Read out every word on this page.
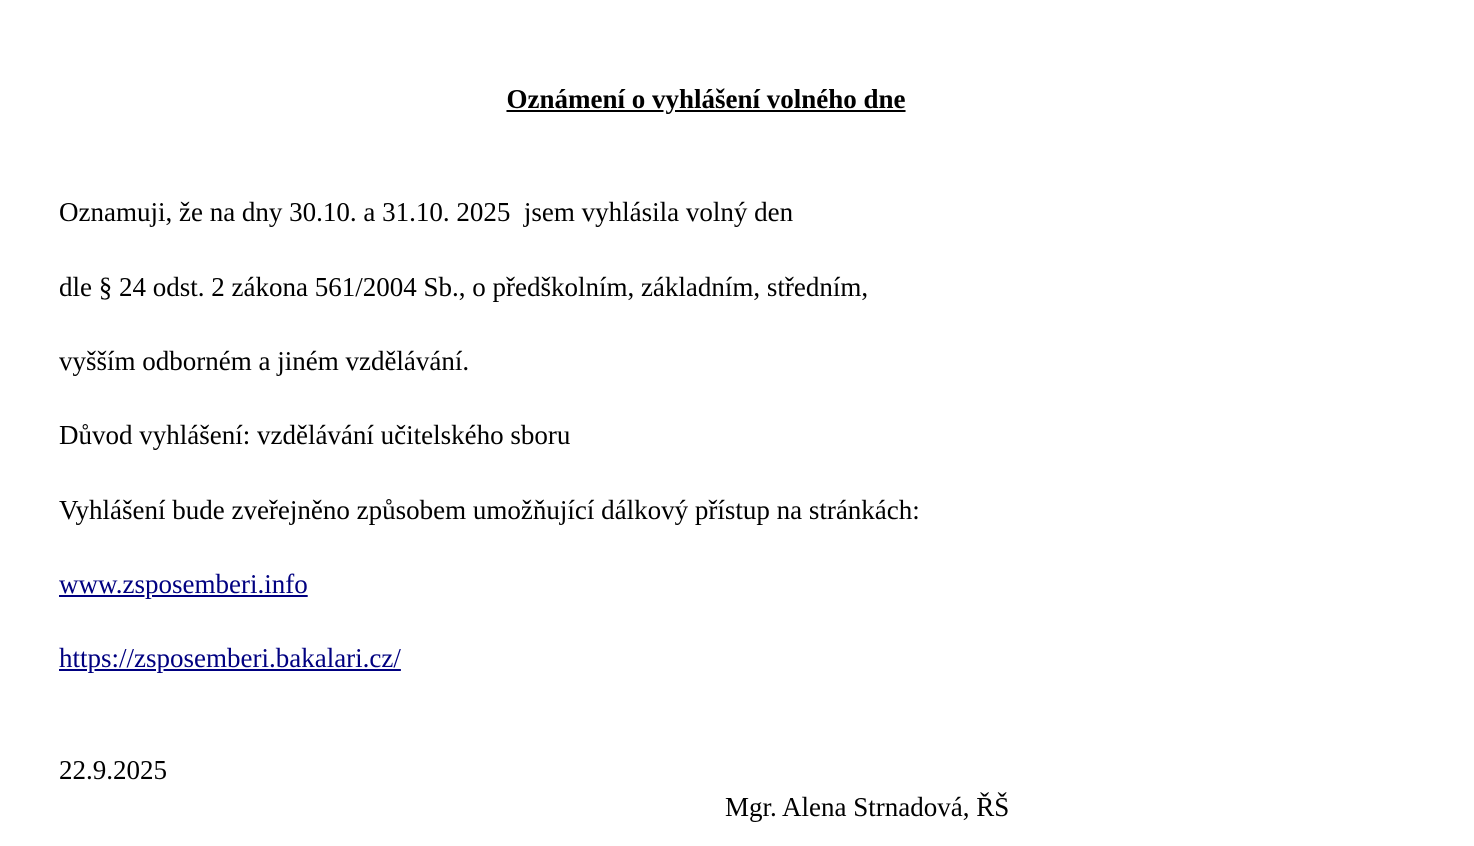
Oznámení o vyhlášení volného dne
Oznamuji, že na dny 30.10. a 31.10. 2025  jsem vyhlásila volný den
dle § 24 odst. 2 zákona 561/2004 Sb., o předškolním, základním, středním,
vyšším odborném a jiném vzdělávání.
Důvod vyhlášení: vzdělávání učitelského sboru
Vyhlášení bude zveřejněno způsobem umožňující dálkový přístup na stránkách:
www.zsposemberi.info
https://zsposemberi.bakalari.cz/
22.9.2025
Mgr. Alena Strnadová, ŘŠ
